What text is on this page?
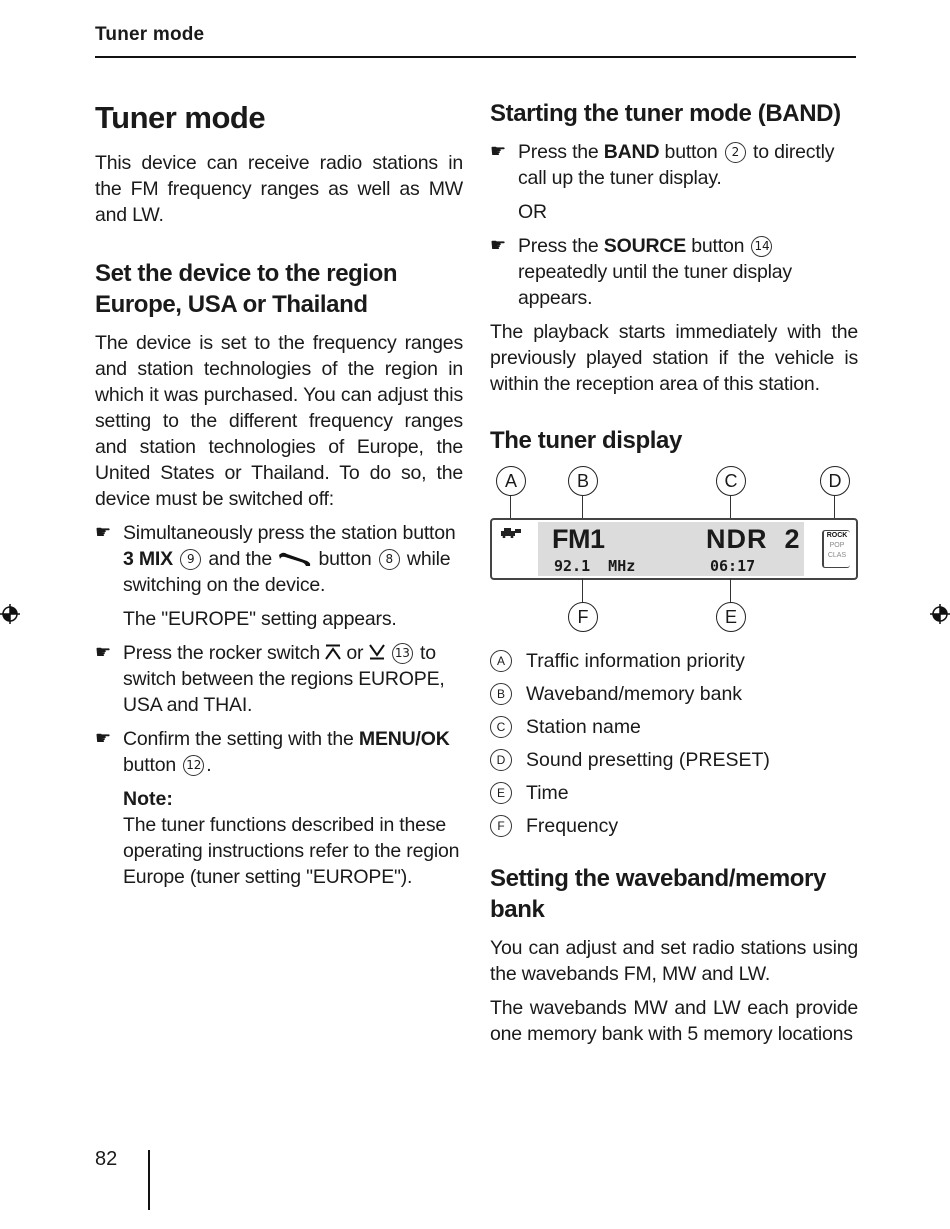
Tuner mode
Tuner mode

This device can receive radio stations in the FM frequency ranges as well as MW and LW.

Set the device to the region Europe, USA or Thailand

The device is set to the frequency ranges and station technologies of the region in which it was purchased. You can adjust this setting to the different frequency ranges and station technologies of Europe, the United States or Thailand. To do so, the device must be switched off:

☛ Simultaneously press the station button 3 MIX 9 and the  button 8 while switching on the device.

The "EUROPE" setting appears.

☛ Press the rocker switch  or  13 to switch between the regions EUROPE, USA and THAI.
☛ Confirm the setting with the MENU/OK button 12 .
Note:

The tuner functions described in these operating instructions refer to the region Europe (tuner setting "EUROPE").

Starting the tuner mode (BAND)
☛ Press the BAND button 2 to directly call up the tuner display.

OR

☛ Press the SOURCE button 14 repeatedly until the tuner display appears.

The playback starts immediately with the previously played station if the vehicle is within the reception area of this station.

The tuner display
A	B	C	D
FM1	NDR  2
92.1  MHz	06:17
ROCK
POP
CLAS
F	E
A	Traffic information priority
B	Waveband/memory bank
C	Station name
D	Sound presetting (PRESET)
E	Time
F	Frequency
Setting the waveband/memory bank

You can adjust and set radio stations using the wavebands FM, MW and LW.

The wavebands MW and LW each provide one memory bank with 5 memory locations

82
